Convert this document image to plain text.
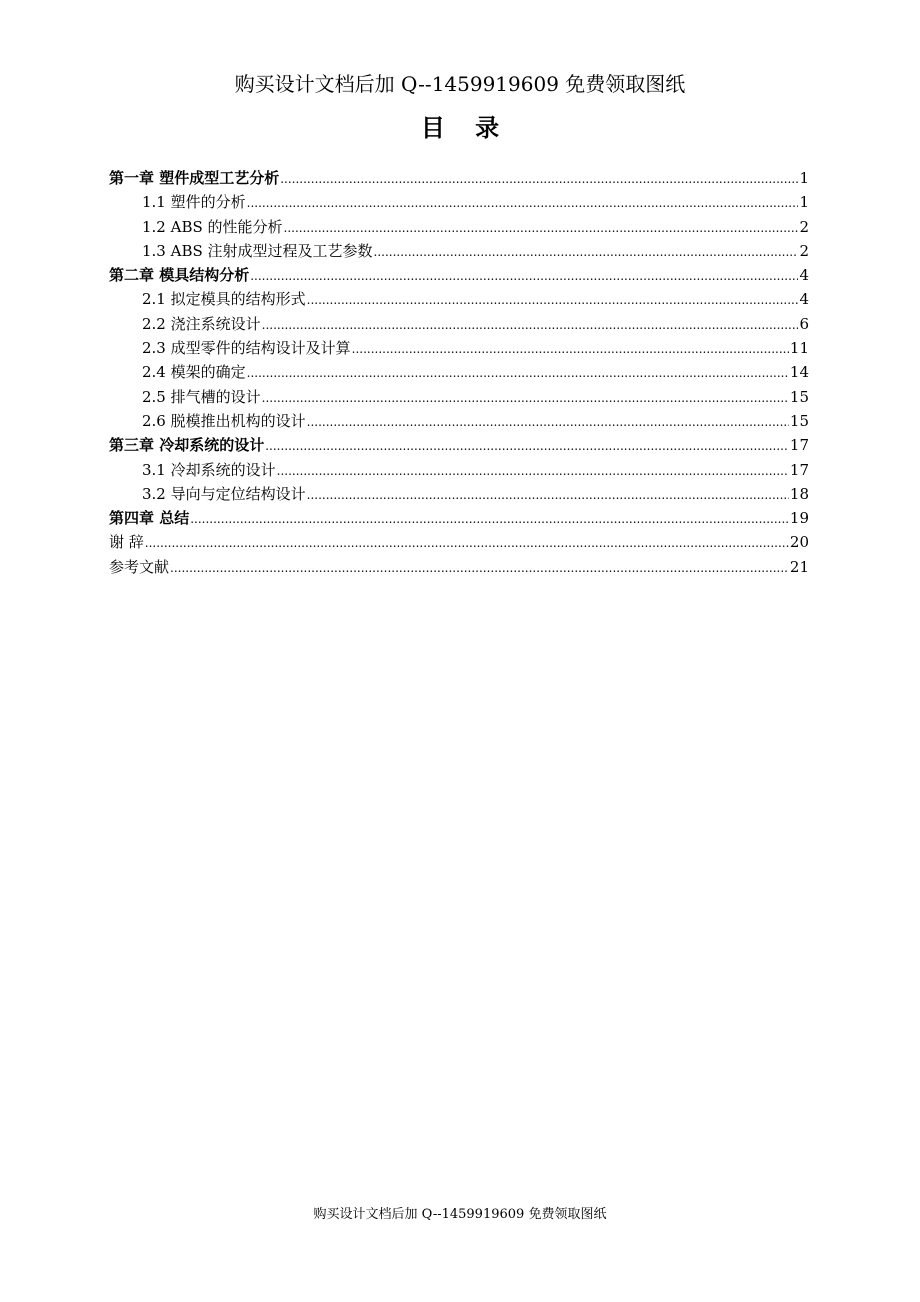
购买设计文档后加 Q--1459919609 免费领取图纸
目 录
第一章 塑件成型工艺分析 .....	1
1.1 塑件的分析 .....	1
1.2 ABS 的性能分析 .....	2
1.3 ABS 注射成型过程及工艺参数 .....	2
第二章 模具结构分析 .....	4
2.1 拟定模具的结构形式 .....	4
2.2 浇注系统设计 .....	6
2.3 成型零件的结构设计及计算 .....	11
2.4 模架的确定 .....	14
2.5 排气槽的设计 .....	15
2.6 脱模推出机构的设计 .....	15
第三章 冷却系统的设计 .....	17
3.1 冷却系统的设计 .....	17
3.2 导向与定位结构设计 .....	18
第四章 总结 .....	19
谢 辞 .....	20
参考文献 .....	21
购买设计文档后加 Q--1459919609 免费领取图纸
